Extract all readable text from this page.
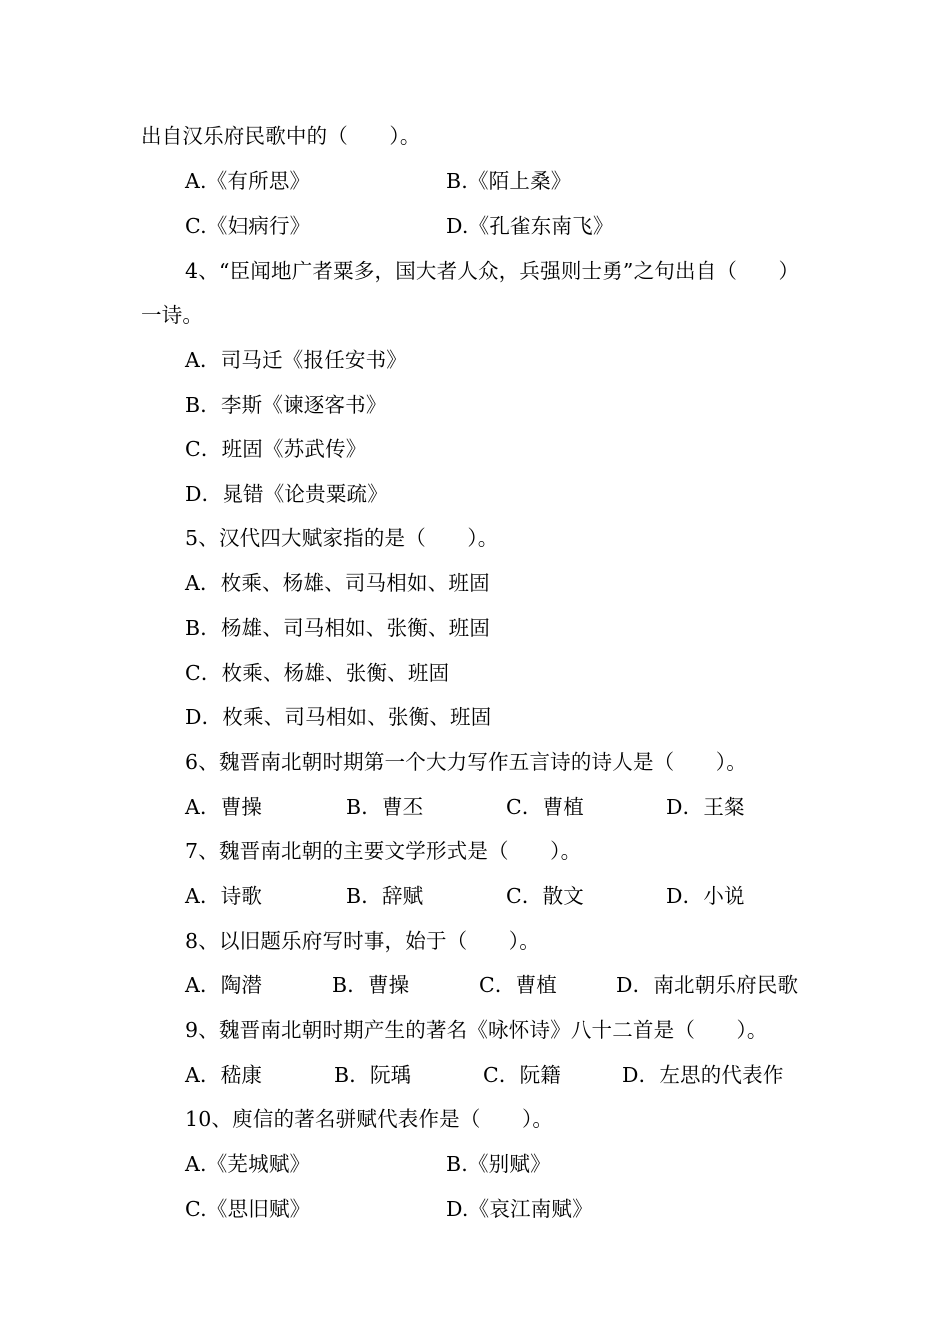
出自汉乐府民歌中的（　　）。
A.《有所思》	B.《陌上桑》
C.《妇病行》	D.《孔雀东南飞》
4、“臣闻地广者粟多，国大者人众，兵强则士勇”之句出自（　　）
一诗。
A．司马迁《报任安书》
B．李斯《谏逐客书》
C．班固《苏武传》
D．晁错《论贵粟疏》
5、汉代四大赋家指的是（　　）。
A．枚乘、杨雄、司马相如、班固
B．杨雄、司马相如、张衡、班固
C．枚乘、杨雄、张衡、班固
D．枚乘、司马相如、张衡、班固
6、魏晋南北朝时期第一个大力写作五言诗的诗人是（　　）。
A．曹操	B．曹丕	C．曹植	D．王粲
7、魏晋南北朝的主要文学形式是（　　）。
A．诗歌	B．辞赋	C．散文	D．小说
8、以旧题乐府写时事，始于（　　）。
A．陶潜	B．曹操	C．曹植	D．南北朝乐府民歌
9、魏晋南北朝时期产生的著名《咏怀诗》八十二首是（　　）。
A．嵇康	B．阮瑀	C．阮籍	D．左思的代表作
10、庾信的著名骈赋代表作是（　　）。
A.《芜城赋》	B.《别赋》
C.《思旧赋》	D.《哀江南赋》
